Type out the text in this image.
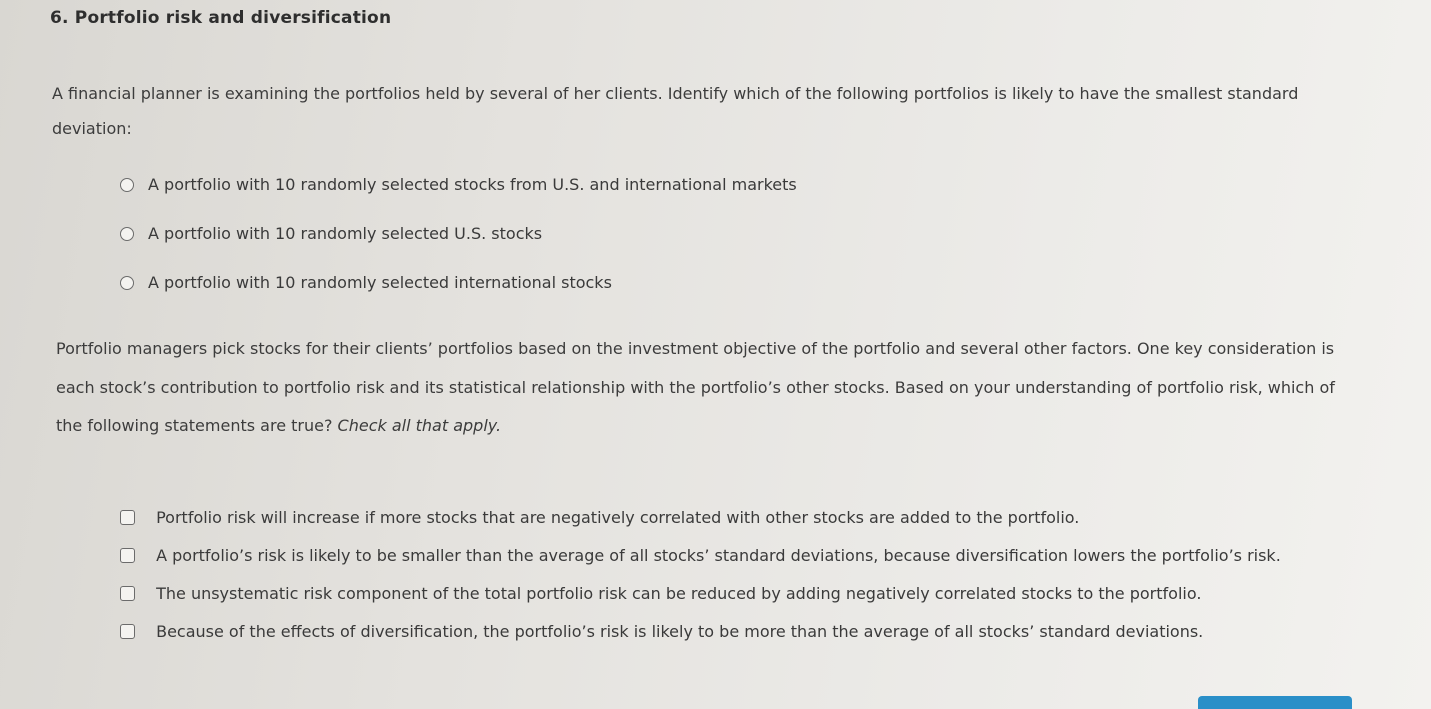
6. Portfolio risk and diversification
A financial planner is examining the portfolios held by several of her clients. Identify which of the following portfolios is likely to have the smallest standard deviation:
A portfolio with 10 randomly selected stocks from U.S. and international markets
A portfolio with 10 randomly selected U.S. stocks
A portfolio with 10 randomly selected international stocks
Portfolio managers pick stocks for their clients’ portfolios based on the investment objective of the portfolio and several other factors. One key consideration is each stock’s contribution to portfolio risk and its statistical relationship with the portfolio’s other stocks. Based on your understanding of portfolio risk, which of the following statements are true? Check all that apply.
Portfolio risk will increase if more stocks that are negatively correlated with other stocks are added to the portfolio.
A portfolio’s risk is likely to be smaller than the average of all stocks’ standard deviations, because diversification lowers the portfolio’s risk.
The unsystematic risk component of the total portfolio risk can be reduced by adding negatively correlated stocks to the portfolio.
Because of the effects of diversification, the portfolio’s risk is likely to be more than the average of all stocks’ standard deviations.
